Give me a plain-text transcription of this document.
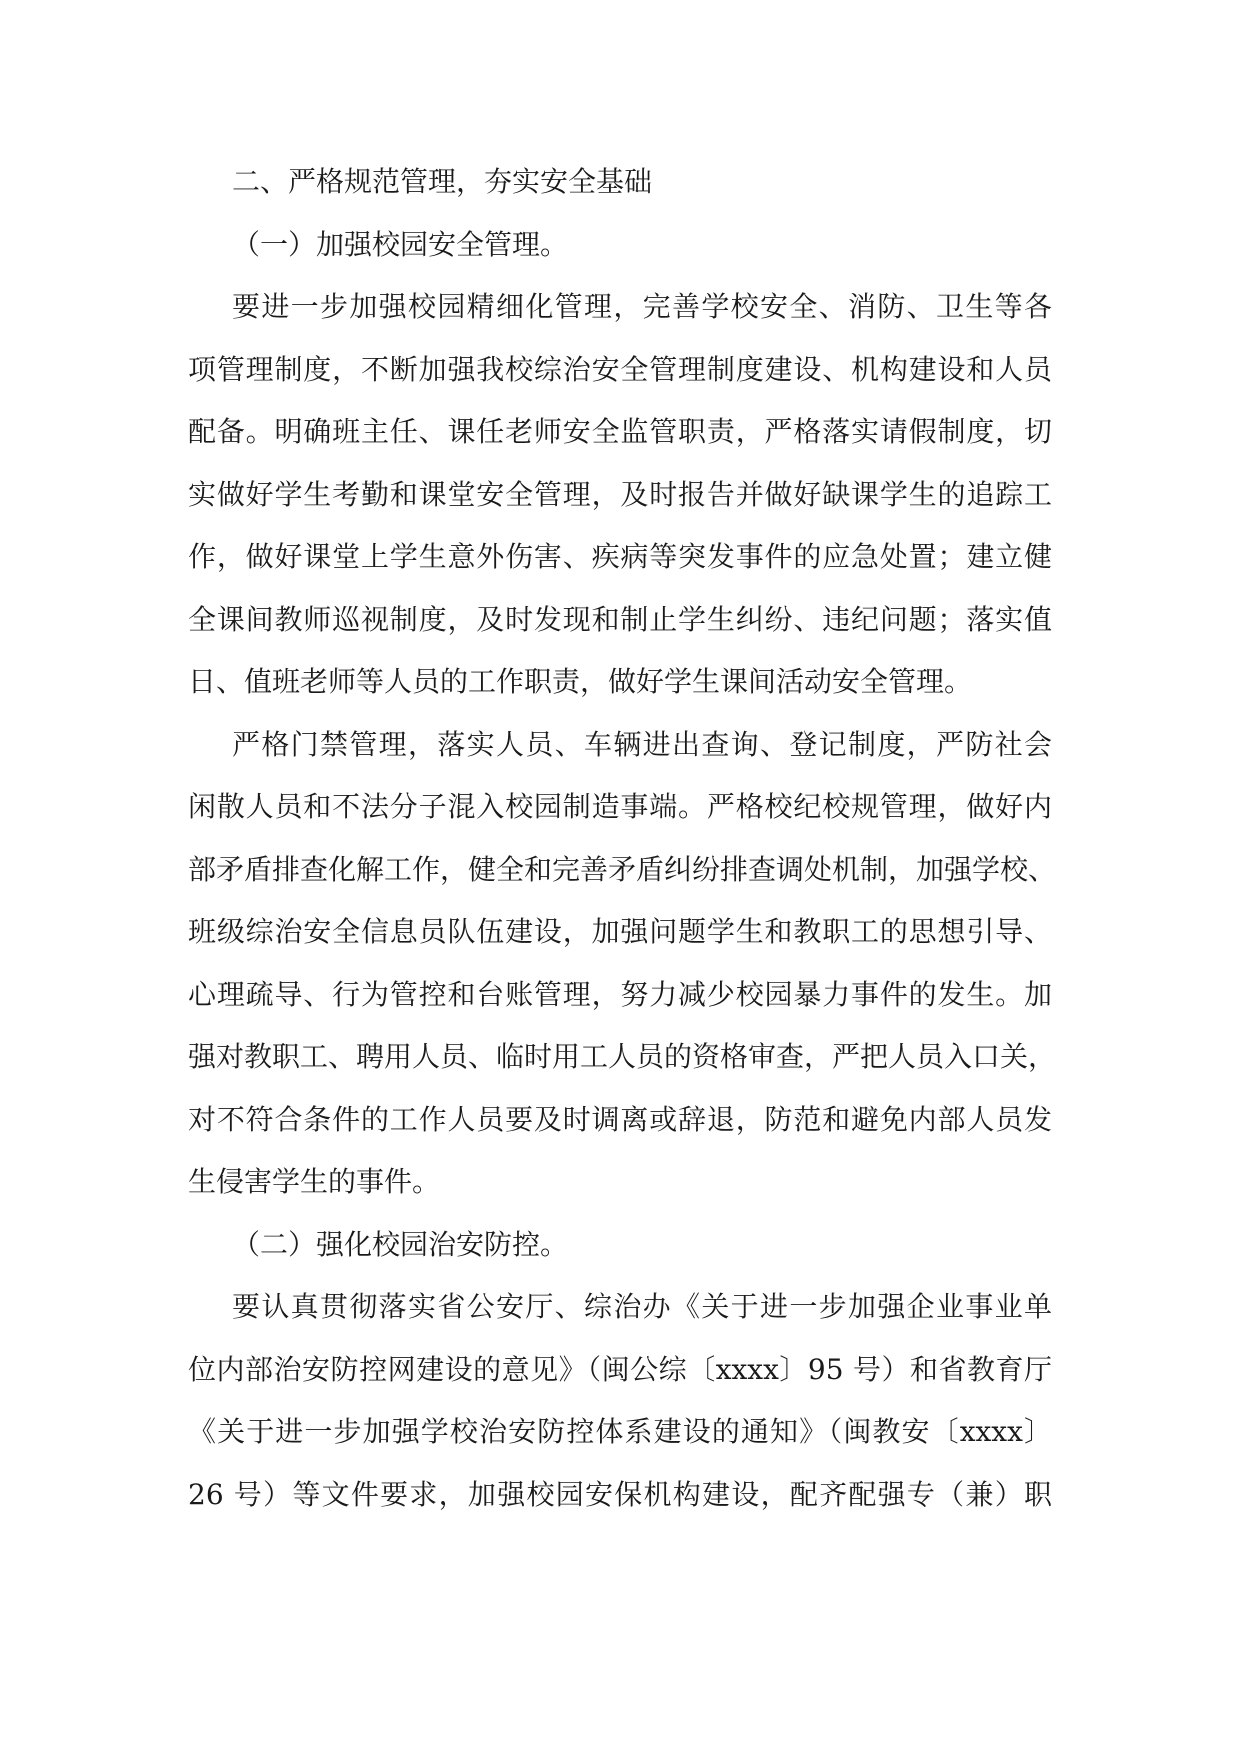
二、严格规范管理，夯实安全基础
（一）加强校园安全管理。
要进一步加强校园精细化管理，完善学校安全、消防、卫生等各
项管理制度，不断加强我校综治安全管理制度建设、机构建设和人员
配备。明确班主任、课任老师安全监管职责，严格落实请假制度，切
实做好学生考勤和课堂安全管理，及时报告并做好缺课学生的追踪工
作，做好课堂上学生意外伤害、疾病等突发事件的应急处置；建立健
全课间教师巡视制度，及时发现和制止学生纠纷、违纪问题；落实值
日、值班老师等人员的工作职责，做好学生课间活动安全管理。
严格门禁管理，落实人员、车辆进出查询、登记制度，严防社会
闲散人员和不法分子混入校园制造事端。严格校纪校规管理，做好内
部矛盾排查化解工作，健全和完善矛盾纠纷排查调处机制，加强学校、
班级综治安全信息员队伍建设，加强问题学生和教职工的思想引导、
心理疏导、行为管控和台账管理，努力减少校园暴力事件的发生。加
强对教职工、聘用人员、临时用工人员的资格审查，严把人员入口关，
对不符合条件的工作人员要及时调离或辞退，防范和避免内部人员发
生侵害学生的事件。
（二）强化校园治安防控。
要认真贯彻落实省公安厅、综治办《关于进一步加强企业事业单
位内部治安防控网建设的意见》（闽公综〔xxxx〕95 号）和省教育厅
《关于进一步加强学校治安防控体系建设的通知》（闽教安〔xxxx〕
26 号）等文件要求，加强校园安保机构建设，配齐配强专（兼）职
